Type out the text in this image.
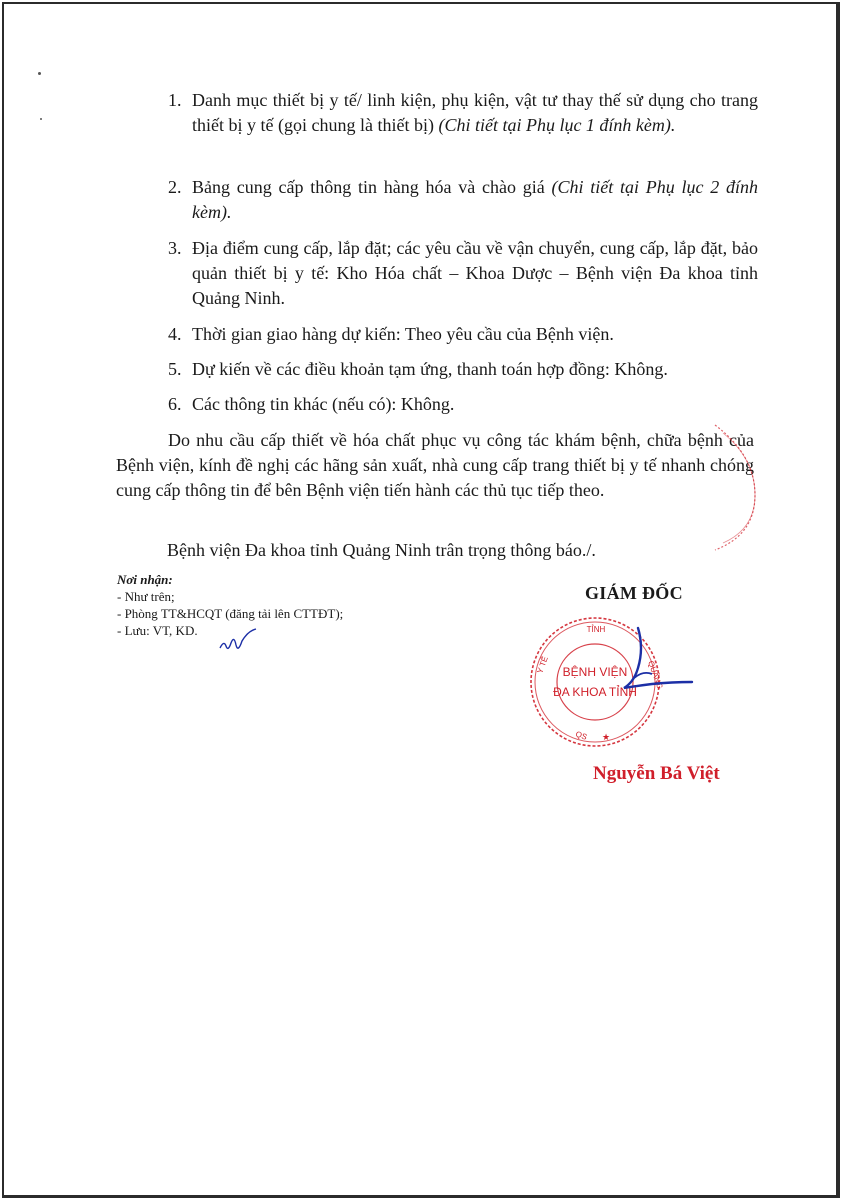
1. Danh mục thiết bị y tế/ linh kiện, phụ kiện, vật tư thay thế sử dụng cho trang thiết bị y tế (gọi chung là thiết bị) (Chi tiết tại Phụ lục 1 đính kèm).
2. Bảng cung cấp thông tin hàng hóa và chào giá (Chi tiết tại Phụ lục 2 đính kèm).
3. Địa điểm cung cấp, lắp đặt; các yêu cầu về vận chuyển, cung cấp, lắp đặt, bảo quản thiết bị y tế: Kho Hóa chất – Khoa Dược – Bệnh viện Đa khoa tỉnh Quảng Ninh.
4. Thời gian giao hàng dự kiến: Theo yêu cầu của Bệnh viện.
5. Dự kiến về các điều khoản tạm ứng, thanh toán hợp đồng: Không.
6. Các thông tin khác (nếu có): Không.
Do nhu cầu cấp thiết về hóa chất phục vụ công tác khám bệnh, chữa bệnh của Bệnh viện, kính đề nghị các hãng sản xuất, nhà cung cấp trang thiết bị y tế nhanh chóng cung cấp thông tin để bên Bệnh viện tiến hành các thủ tục tiếp theo.
Bệnh viện Đa khoa tỉnh Quảng Ninh trân trọng thông báo./.
Nơi nhận:
- Như trên;
- Phòng TT&HCQT (đăng tải lên CTTĐT);
- Lưu: VT, KD.
GIÁM ĐỐC
TỈNH
Y TẾ	QUẢNG
QS ★
BỆNH VIỆN
ĐA KHOA TỈNH
Nguyễn Bá Việt
